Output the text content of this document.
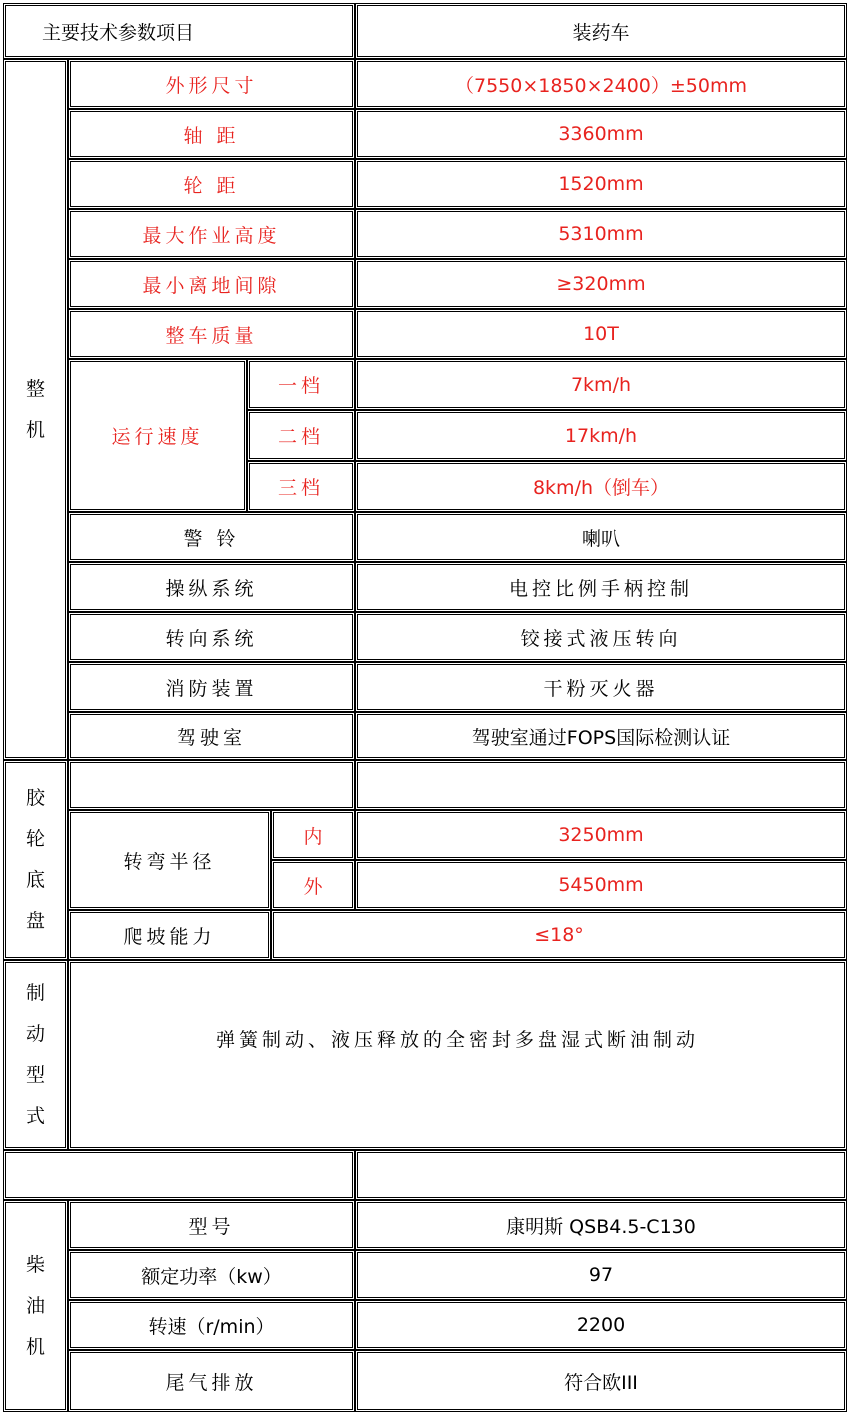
主要技术参数项目	装药车
整
机
外形尺寸	（7550×1850×2400）±50mm
轴 距	3360mm
轮 距	1520mm
最大作业高度	5310mm
最小离地间隙	≥320mm
整车质量	10T
运行速度
一档	7km/h
二档	17km/h
三档	8km/h（倒车）
警 铃	喇叭
操纵系统	电控比例手柄控制
转向系统	铰接式液压转向
消防装置	干粉灭火器
驾驶室	驾驶室通过FOPS国际检测认证
胶
轮
底
盘
转弯半径
内	3250mm
外	5450mm
爬坡能力	≤18°
制
动
型
式
弹簧制动、液压释放的全密封多盘湿式断油制动
柴
油
机
型号	康明斯 QSB4.5-C130
额定功率（kw）	97
转速（r/min）	2200
尾气排放	符合欧III
